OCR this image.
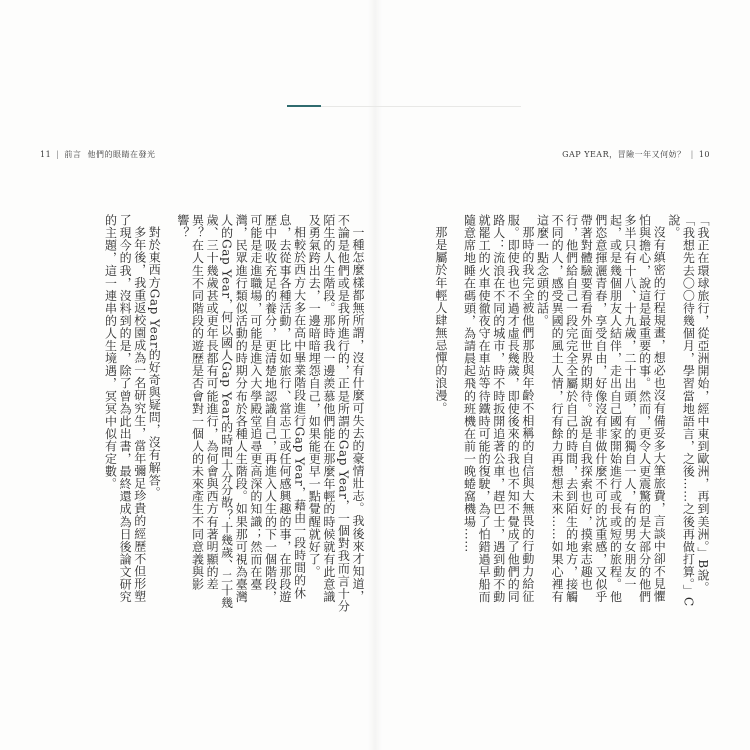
11 | 前言 他們的眼睛在發光	GAP YEAR，冒險一年又何妨？ | 10

「我正在環球旅行，從亞洲開始，經中東到歐洲，再到美洲。」B說。

「我想先去〇〇待幾個月，學習當地語言，之後……之後再做打算。」C說。

沒有縝密的行程規畫，想必也沒有備妥多大筆旅費，言談中卻不見懼怕與擔心，說這是最重要的事。然而，更令人更震驚的是大部分的他們多半只有十八、十九歲，二十出頭，有的獨自一人，有的男女朋友一起，或是幾個朋友人結伴，走出自己國家開始進行或長或短的旅程。他們恣意揮灑青春，享受自由，好像沒有非做什麼不可的沈重感，又似乎帶著對體驗要看看外面世界的期待。說是自我探索也好，摸索志趣也行，他們給自己一段完完全全屬於自己的時間，去到陌生的地方，接觸不同的人，感受異國的風土人情，行有餘力再想想未來……如果心裡有這麼一點念頭的話。

那時的我完全被他們那股與年齡不相稱的自信與大無畏的行動力給征服。即使我也不過才虛長幾歲，即使後來的我也不知不覺成了他們的同路人：流浪在不同的城市，時不時扳開追著公車，趕巴士，遇到動不動就罷工的火車使徹夜守在車站等待鐵時可能的復駛，為了怕錯過早船而隨意席地睡在碼頭，為請晨起飛的班機在前一晚蜷窩機場……

那是屬於年輕人肆無忌憚的浪漫。

一種怎麼樣都無所謂，沒有什麼可失去的豪情壯志。我後來才知道，不論是他們或是我所進行的，正是所謂的Gap Year，一個對我而言十分陌生的人生階段。那時我一邊羨慕他們能在那麼年輕的時候就有此意識及勇氣跨出去，一邊暗暗埋怨自己，如果能更早一點覺醒就好了。

相較於西方大多在高中畢業階段進行Gap Year，藉由一段時間的休息，去從事各種活動，比如旅行、當志工或任何感興趣的事，在那段遊歷中吸收充足的養分，更清楚地認識自己，再進入人生的下一個階段，可能是走進職場，可能是進入大學殿堂追尋更高深的知識；然而在臺灣，民眾進行類似活動的時期分布於各種人生階段。如果那可視為臺灣人的Gap Year，何以國人Gap Year的時間十分分散？十幾歲、二十幾歲、三十幾歲甚或更年長都有可能進行，為何會與西方有著明顯的差異？在人生不同階段的遊歷是否會對一個人的未來產生不同意義與影響？

對於東西方Gap Year的好奇與疑問，沒有解答。

多年後，我重返校園成為一名研究生，當年彌足珍貴的經歷不但形塑了現今的我，沒料到的是，除了曾為此出書，最終還成為日後論文研究的主題，這一連串的人生境遇，冥冥中似有定數。
